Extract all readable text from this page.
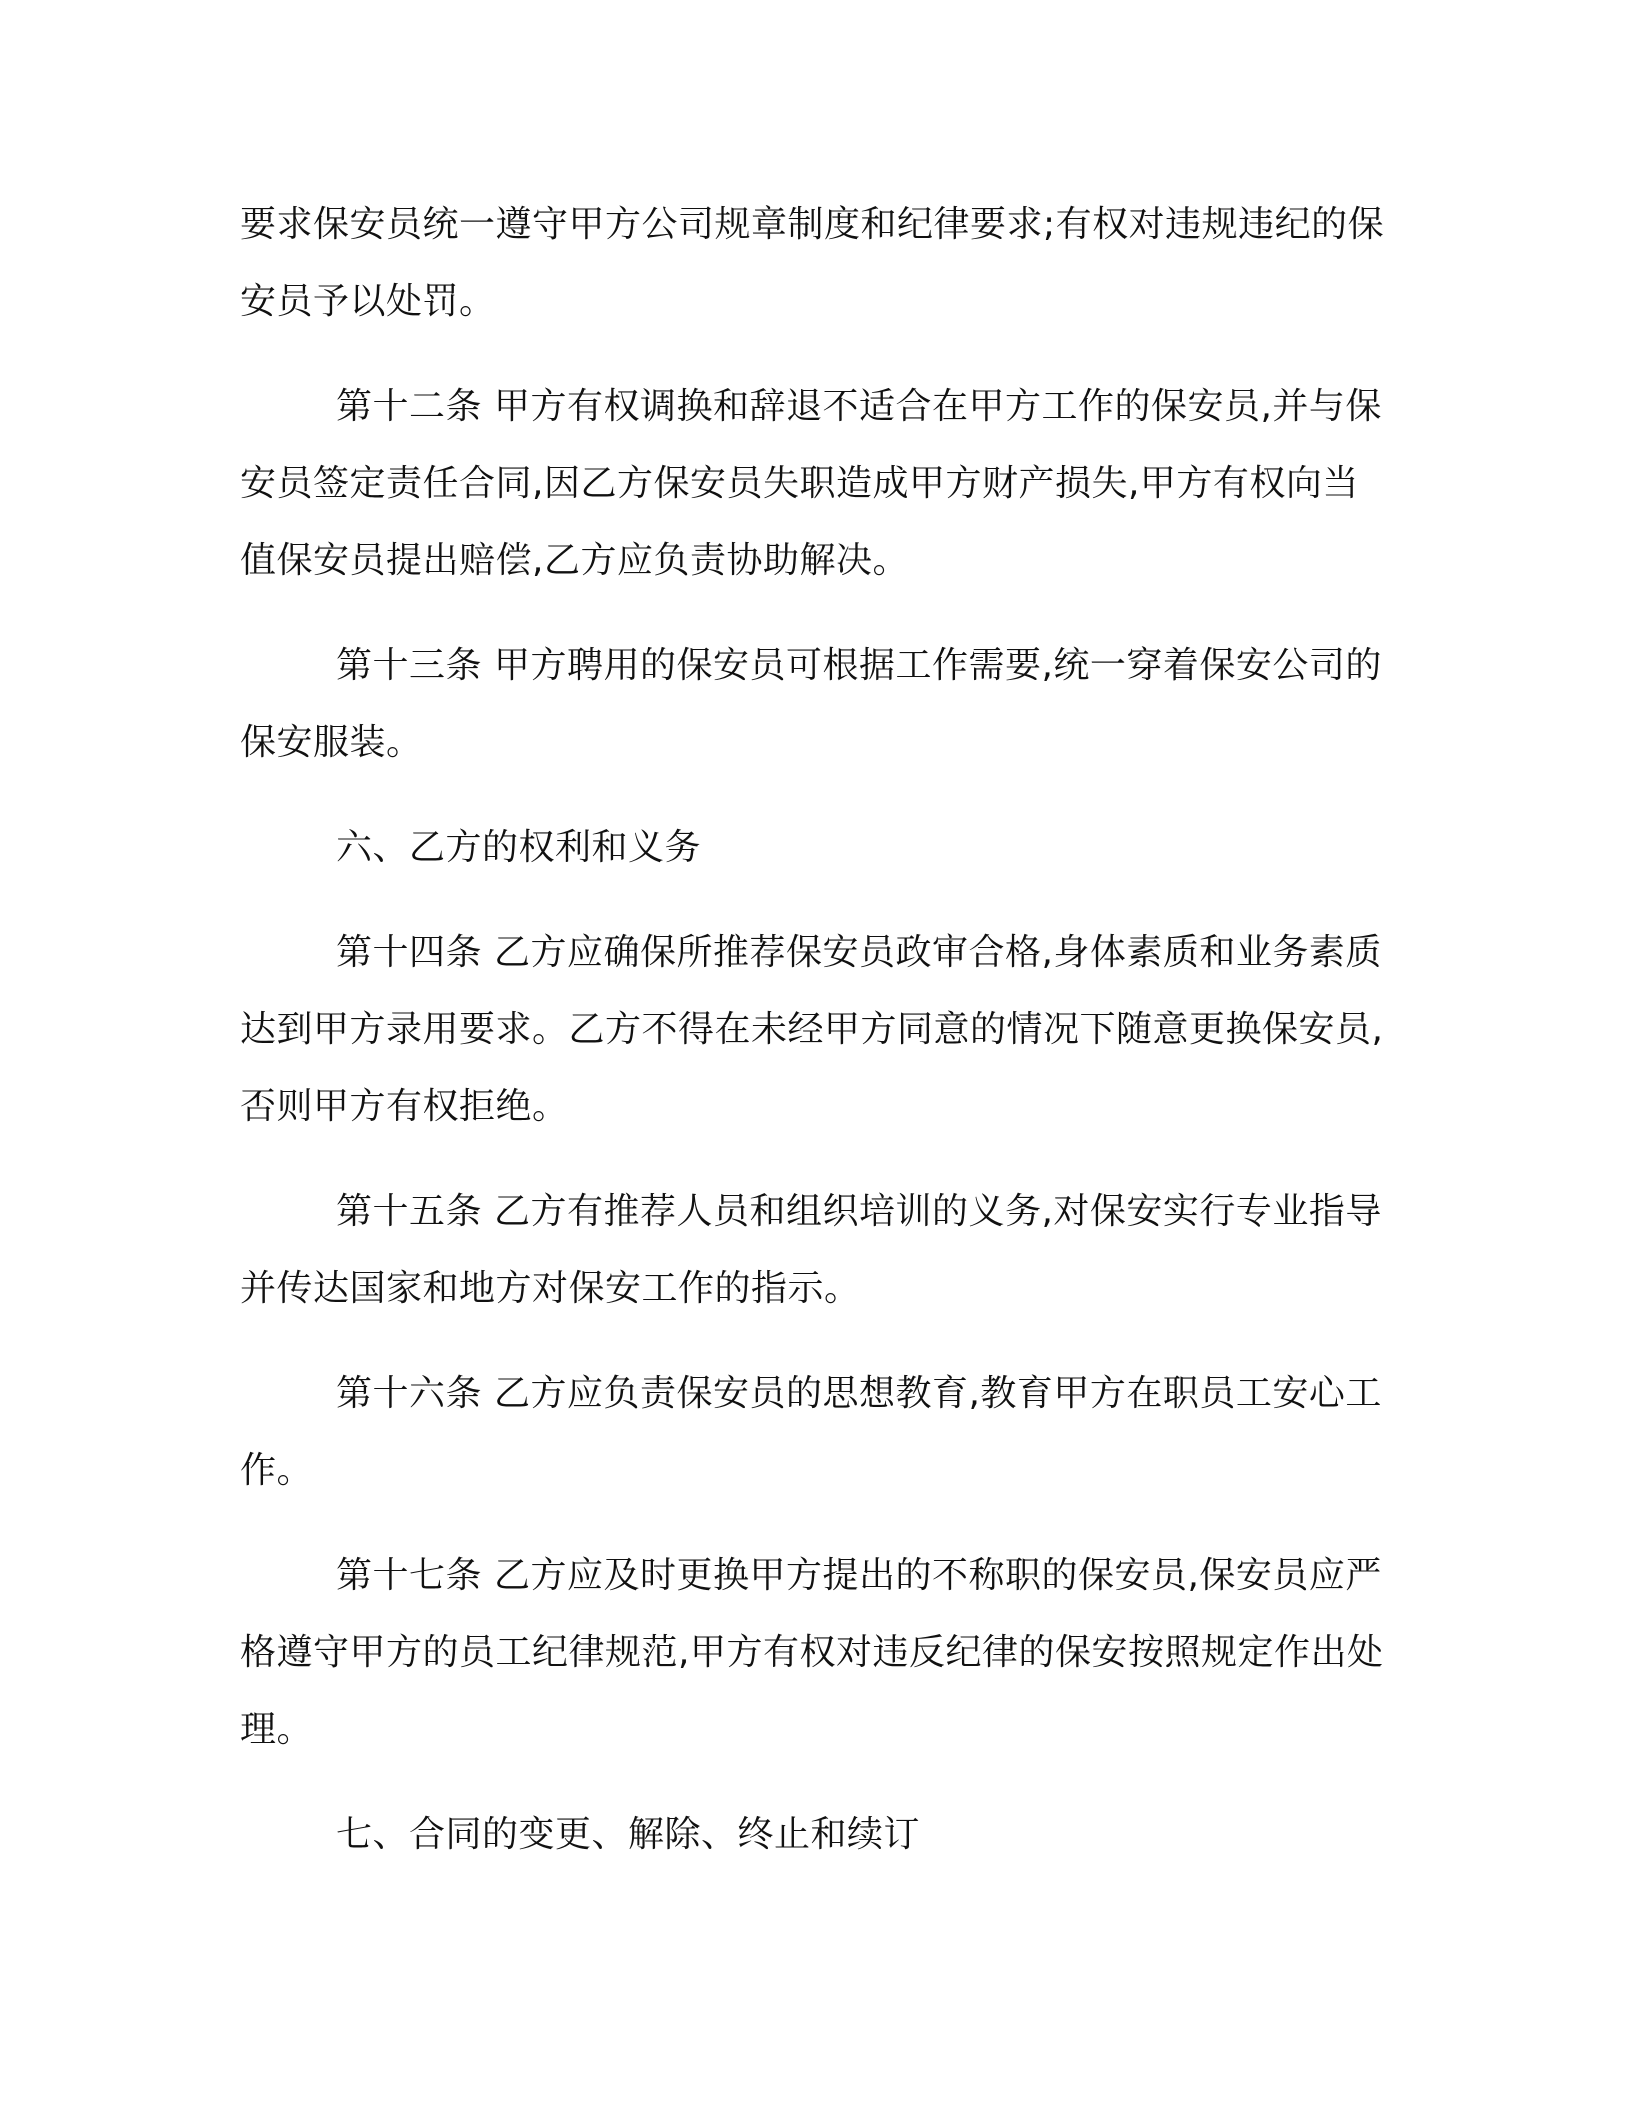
要求保安员统一遵守甲方公司规章制度和纪律要求;有权对违规违纪的保安员予以处罚。

第十二条 甲方有权调换和辞退不适合在甲方工作的保安员,并与保安员签定责任合同,因乙方保安员失职造成甲方财产损失,甲方有权向当值保安员提出赔偿,乙方应负责协助解决。

第十三条 甲方聘用的保安员可根据工作需要,统一穿着保安公司的保安服装。

六、乙方的权利和义务

第十四条 乙方应确保所推荐保安员政审合格,身体素质和业务素质达到甲方录用要求。乙方不得在未经甲方同意的情况下随意更换保安员,否则甲方有权拒绝。

第十五条 乙方有推荐人员和组织培训的义务,对保安实行专业指导并传达国家和地方对保安工作的指示。

第十六条 乙方应负责保安员的思想教育,教育甲方在职员工安心工作。

第十七条 乙方应及时更换甲方提出的不称职的保安员,保安员应严格遵守甲方的员工纪律规范,甲方有权对违反纪律的保安按照规定作出处理。

七、合同的变更、解除、终止和续订
